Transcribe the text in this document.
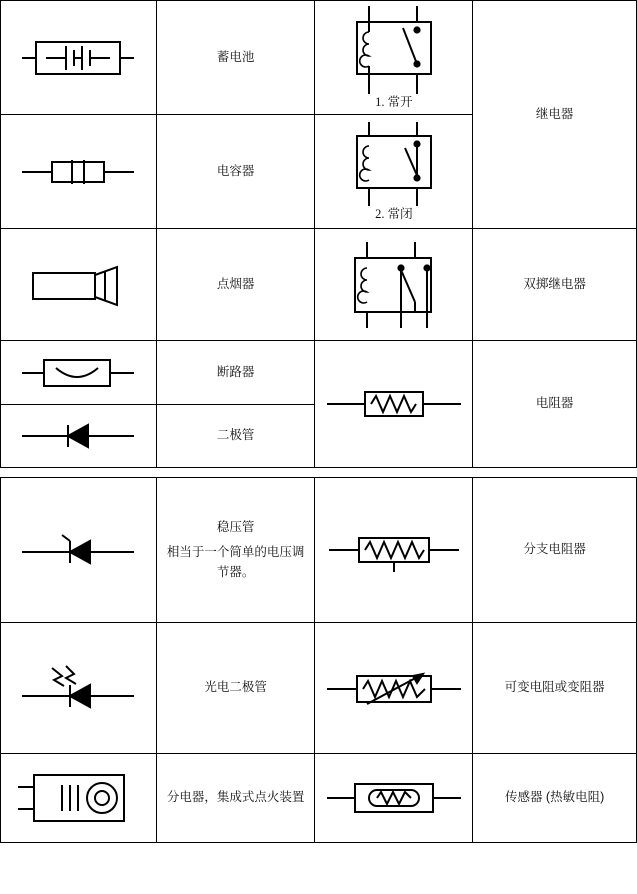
蓄电池	1. 常开	继电器

电容器	2. 常闭	

点烟器		双掷继电器

断路器		电阻器

二极管		

稳压管
相当于一个简单的电压调节器。		分支电阻器

光电二极管		可变电阻或变阻器

分电器，集成式点火装置		传感器 (热敏电阻)
